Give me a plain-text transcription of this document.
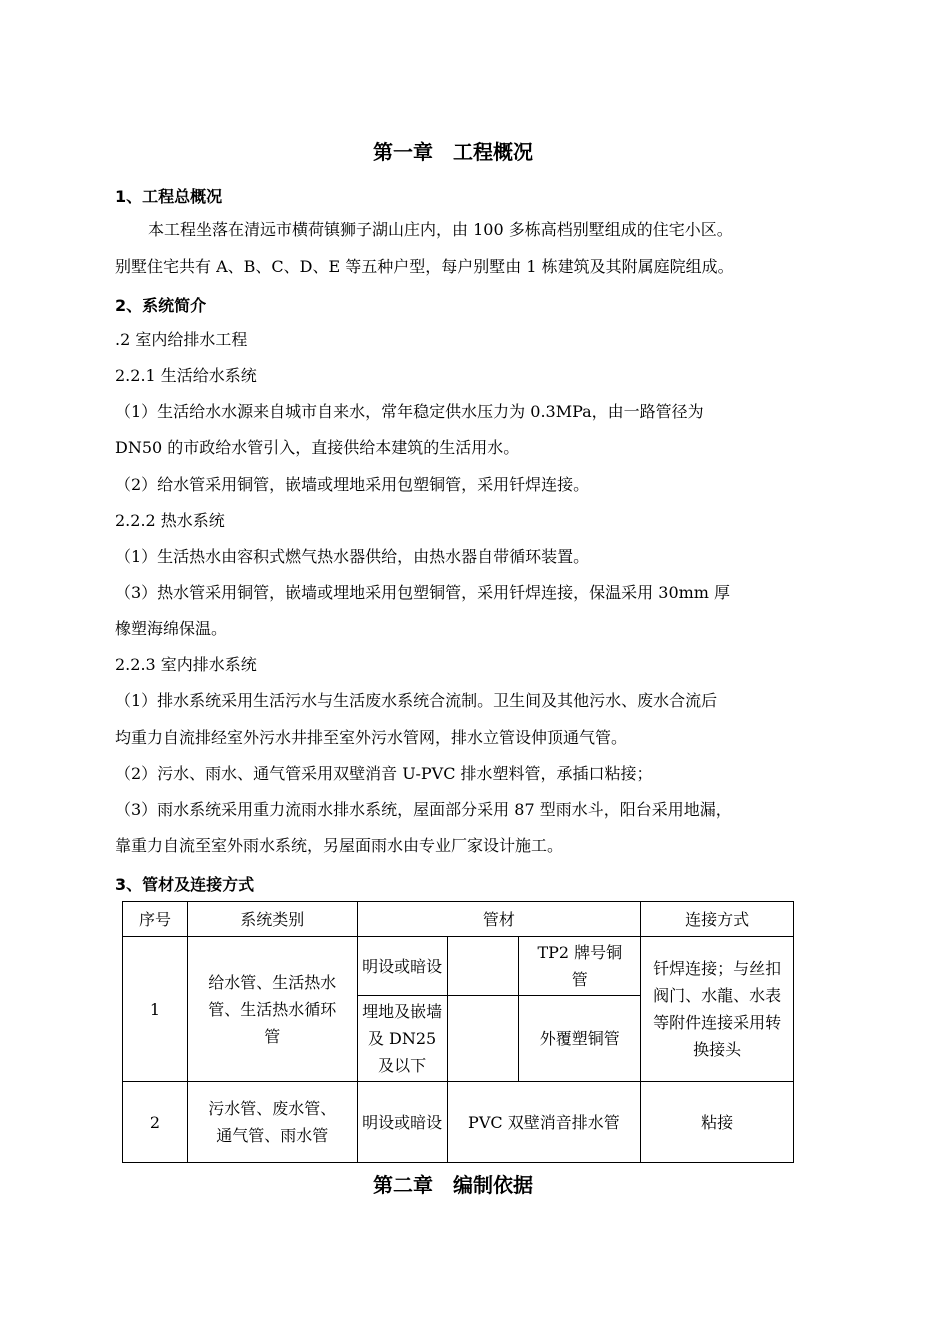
第一章　工程概况
1、工程总概况
本工程坐落在清远市横荷镇狮子湖山庄内，由 100 多栋高档别墅组成的住宅小区。
别墅住宅共有 A、B、C、D、E 等五种户型，每户别墅由 1 栋建筑及其附属庭院组成。
2、系统简介
.2 室内给排水工程
2.2.1 生活给水系统
（1）生活给水水源来自城市自来水，常年稳定供水压力为 0.3MPa，由一路管径为
DN50 的市政给水管引入，直接供给本建筑的生活用水。
（2）给水管采用铜管，嵌墙或埋地采用包塑铜管，采用钎焊连接。
2.2.2 热水系统
（1）生活热水由容积式燃气热水器供给，由热水器自带循环装置。
（3）热水管采用铜管，嵌墙或埋地采用包塑铜管，采用钎焊连接，保温采用 30mm 厚
橡塑海绵保温。
2.2.3 室内排水系统
（1）排水系统采用生活污水与生活废水系统合流制。卫生间及其他污水、废水合流后
均重力自流排经室外污水井排至室外污水管网，排水立管设伸顶通气管。
（2）污水、雨水、通气管采用双壁消音 U-PVC 排水塑料管，承插口粘接；
（3）雨水系统采用重力流雨水排水系统，屋面部分采用 87 型雨水斗，阳台采用地漏，
靠重力自流至室外雨水系统，另屋面雨水由专业厂家设计施工。
3、管材及连接方式
序号	系统类别	管材			连接方式
1	给水管、生活热水管、生活热水循环管	明设或暗设		TP2 牌号铜管	钎焊连接；与丝扣阀门、水龍、水表等附件连接采用转换接头
		埋地及嵌墙及 DN25 及以下		外覆塑铜管	
2	污水管、废水管、通气管、雨水管	明设或暗设	PVC 双壁消音排水管		粘接
第二章　编制依据
